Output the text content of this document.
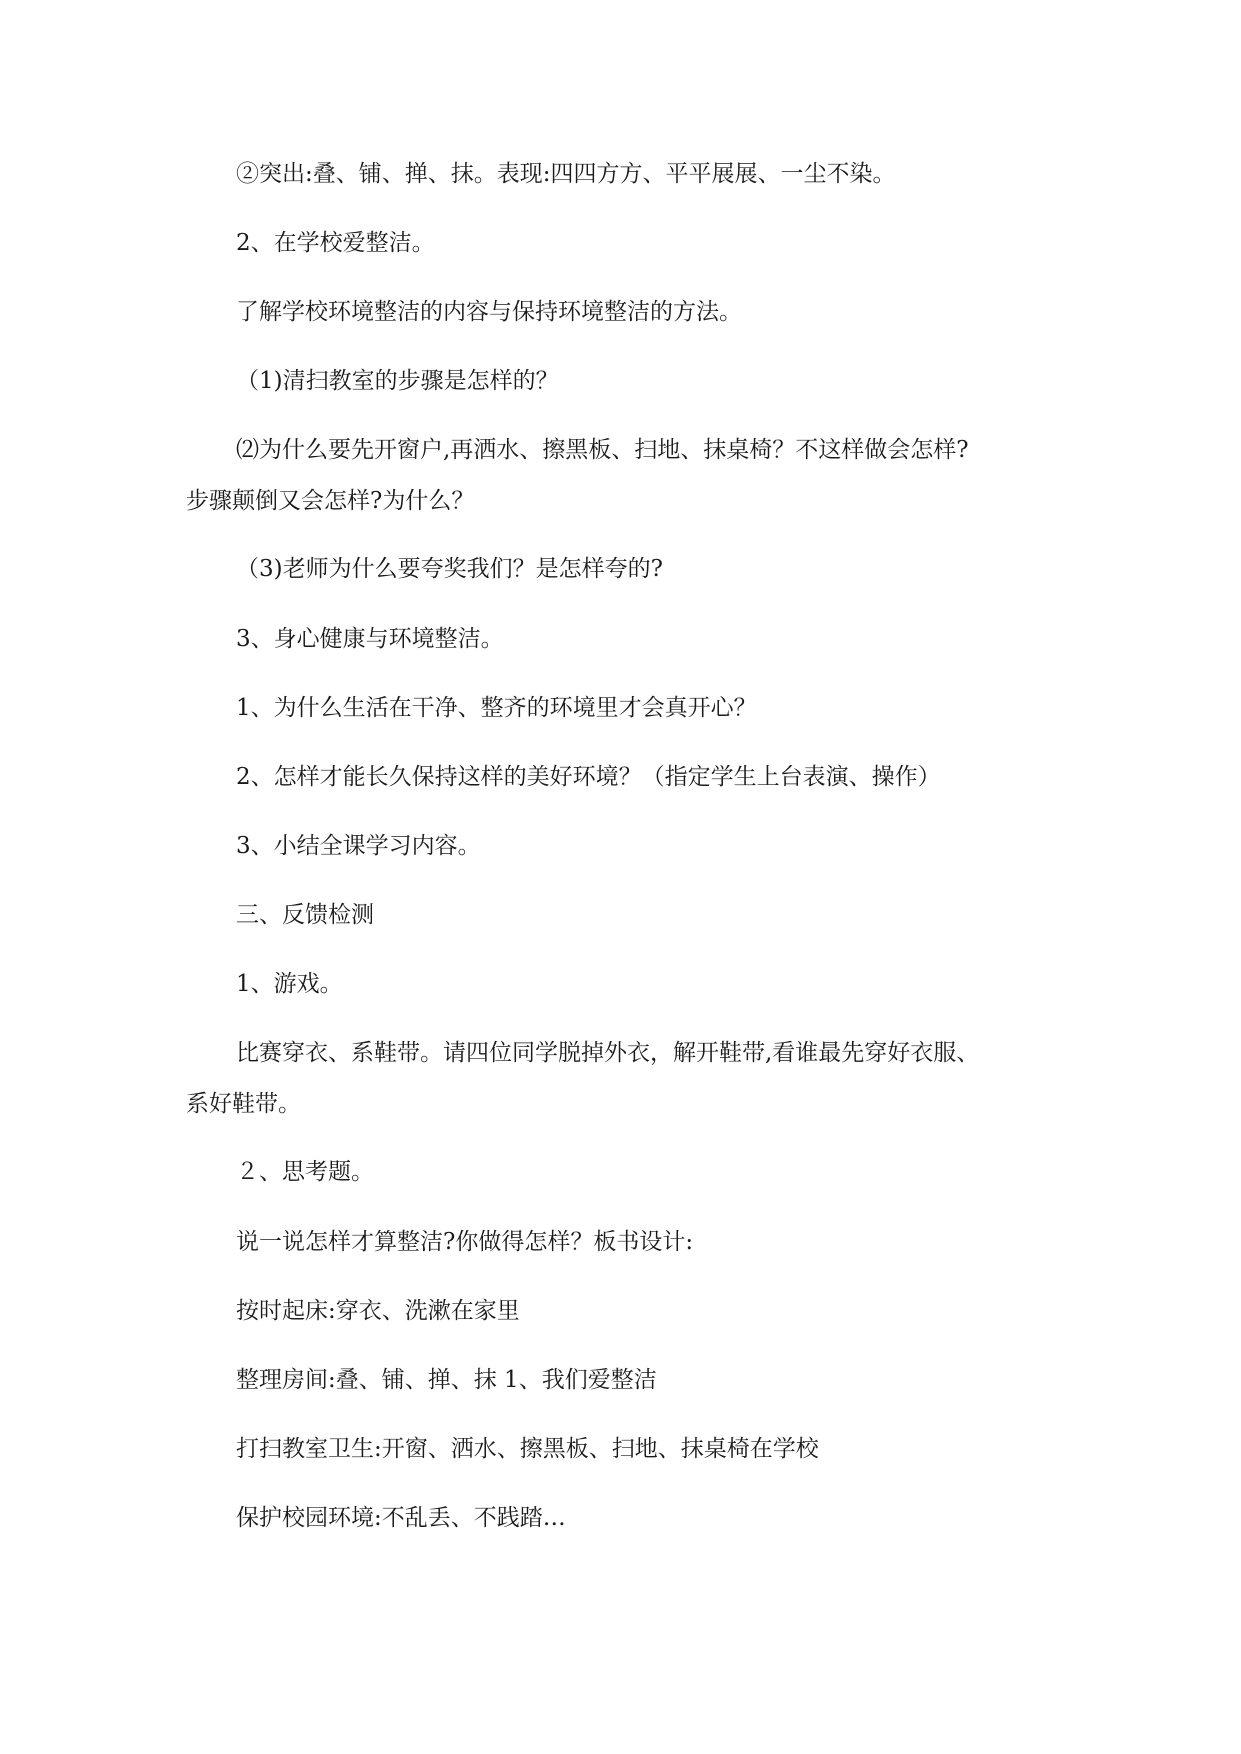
②突出:叠、铺、掸、抹。表现:四四方方、平平展展、一尘不染。

2、在学校爱整洁。

了解学校环境整洁的内容与保持环境整洁的方法。

（1)清扫教室的步骤是怎样的？

⑵为什么要先开窗户,再洒水、擦黑板、扫地、抹桌椅？不这样做会怎样?

步骤颠倒又会怎样?为什么？

（3)老师为什么要夸奖我们？是怎样夸的?

3、身心健康与环境整洁。

1、为什么生活在干净、整齐的环境里才会真开心？

2、怎样才能长久保持这样的美好环境？（指定学生上台表演、操作）

3、小结全课学习内容。

三、反馈检测

1、游戏。

比赛穿衣、系鞋带。请四位同学脱掉外衣，解开鞋带,看谁最先穿好衣服、

系好鞋带。

２、思考题。

说一说怎样才算整洁?你做得怎样？板书设计:

按时起床:穿衣、洗漱在家里

整理房间:叠、铺、掸、抹 1、我们爱整洁

打扫教室卫生:开窗、洒水、擦黑板、扫地、抹桌椅在学校

保护校园环境:不乱丢、不践踏…
